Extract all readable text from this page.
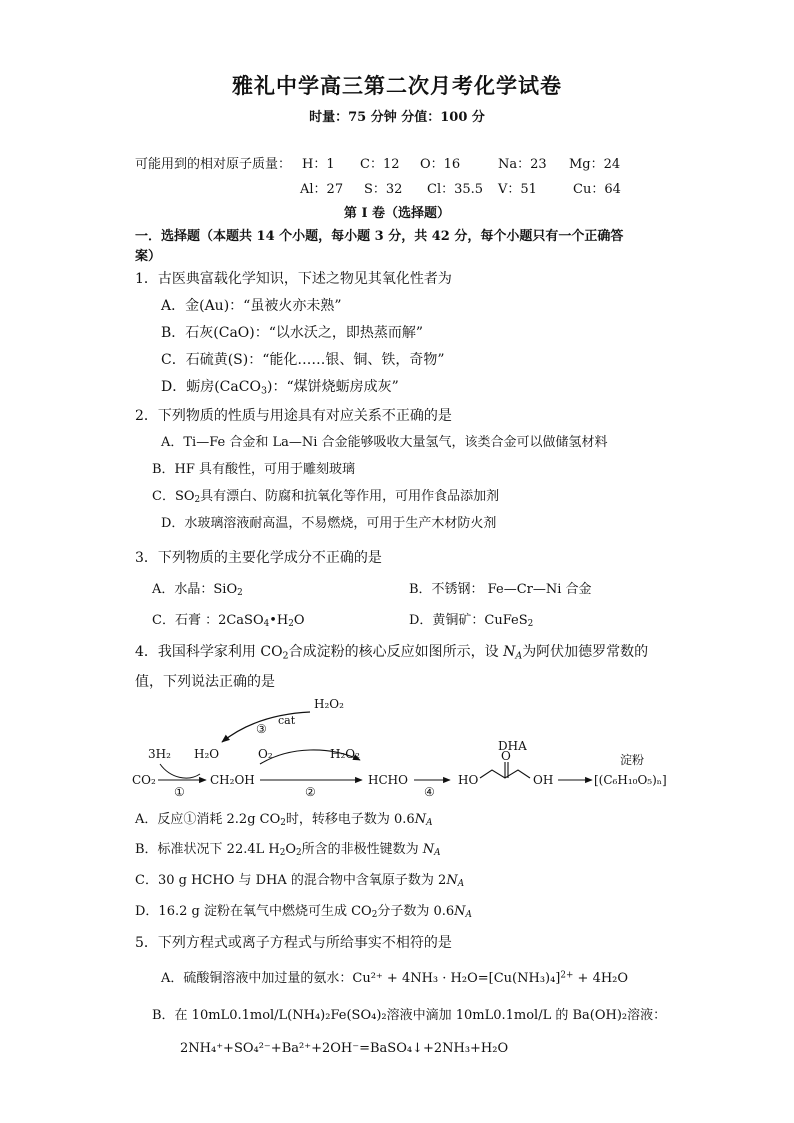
雅礼中学高三第二次月考化学试卷
时量：75 分钟 分值：100 分
可能用到的相对原子质量： H：1 C：12 O：16	Na：23 Mg：24
Al：27 S：32 Cl：35.5 V：51	Cu：64
第 I 卷（选择题）
一．选择题（本题共 14 个小题，每小题 3 分，共 42 分，每个小题只有一个正确答
案）
1．古医典富载化学知识，下述之物见其氧化性者为
A．金(Au)：“虽被火亦未熟”
B．石灰(CaO)：“以水沃之，即热蒸而解”
C．石硫黄(S)：“能化……银、铜、铁，奇物”
D．蛎房(CaCO$_3$)：“煤饼烧蛎房成灰”
2．下列物质的性质与用途具有对应关系不正确的是
A．Ti—Fe 合金和 La—Ni 合金能够吸收大量氢气，该类合金可以做储氢材料
B．HF 具有酸性，可用于雕刻玻璃
C．$SO_2$具有漂白、防腐和抗氧化等作用，可用作食品添加剂
D．水玻璃溶液耐高温，不易燃烧，可用于生产木材防火剂
3．下列物质的主要化学成分不正确的是
A．水晶：SiO$_2$	B．不锈钢： Fe—Cr—Ni 合金
C．石膏 ：$2CaSO_4•H_2O$	D．黄铜矿：CuFeS$_2$
4．我国科学家利用 $CO_2$合成淀粉的核心反应如图所示，设 $N_A$为阿伏加德罗常数的
值，下列说法正确的是
H₂O₂
cat
③
3H₂ H₂O	O₂	H₂O₂
DHA
淀粉
CO₂
①
CH₂OH
②
HCHO
④
HO
O
OH	[(C₆H₁₀O₅)ₙ]
A．反应①消耗 2.2g $CO_2$时，转移电子数为 $0.6N_A$
B．标准状况下 22.4L $H_2O_2$所含的非极性键数为 $N_A$
C．30 g HCHO 与 DHA 的混合物中含氧原子数为 $2N_A$
D．16.2 g 淀粉在氧气中燃烧可生成 $CO_2$分子数为 $0.6N_A$
5．下列方程式或离子方程式与所给事实不相符的是
A．硫酸铜溶液中加过量的氨水：$Cu^{2+} + 4NH_3 \cdot H_2O=[Cu(NH_3)_4]^{2+} + 4H_2O$
B．在 10mL0.1mol/L(NH₄)₂Fe(SO₄)₂溶液中滴加 10mL0.1mol/L 的 Ba(OH)₂溶液：
2NH₄⁺+SO₄²⁻+Ba²⁺+2OH⁻=BaSO₄↓+2NH₃+H₂O
